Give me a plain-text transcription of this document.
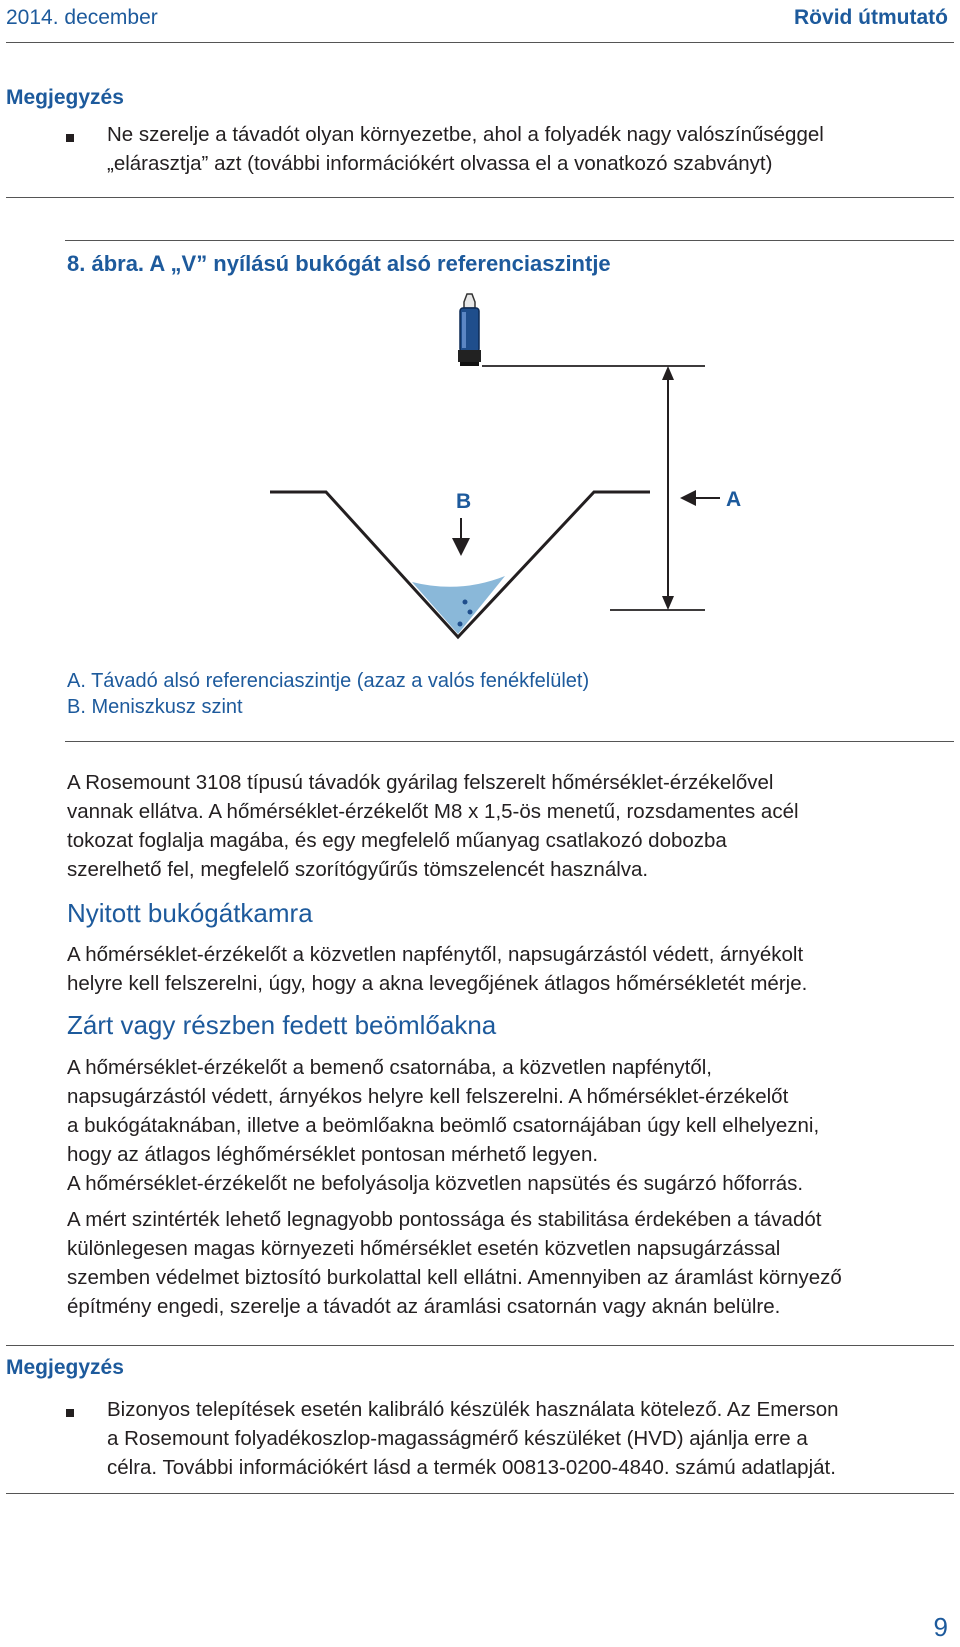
2014. december	Rövid útmutató
Megjegyzés
Ne szerelje a távadót olyan környezetbe, ahol a folyadék nagy valószínűséggel
„elárasztja” azt (további információkért olvassa el a vonatkozó szabványt)
8. ábra. A „V” nyílású bukógát alsó referenciaszintje
A
B
A. Távadó alsó referenciaszintje (azaz a valós fenékfelület)
B. Meniszkusz szint
A Rosemount 3108 típusú távadók gyárilag felszerelt hőmérséklet-érzékelővel
vannak ellátva. A hőmérséklet-érzékelőt M8 x 1,5-ös menetű, rozsdamentes acél
tokozat foglalja magába, és egy megfelelő műanyag csatlakozó dobozba
szerelhető fel, megfelelő szorítógyűrűs tömszelencét használva.
Nyitott bukógátkamra
A hőmérséklet-érzékelőt a közvetlen napfénytől, napsugárzástól védett, árnyékolt
helyre kell felszerelni, úgy, hogy a akna levegőjének átlagos hőmérsékletét mérje.
Zárt vagy részben fedett beömlőakna
A hőmérséklet-érzékelőt a bemenő csatornába, a közvetlen napfénytől,
napsugárzástól védett, árnyékos helyre kell felszerelni. A hőmérséklet-érzékelőt
a bukógátaknában, illetve a beömlőakna beömlő csatornájában úgy kell elhelyezni,
hogy az átlagos léghőmérséklet pontosan mérhető legyen.
A hőmérséklet-érzékelőt ne befolyásolja közvetlen napsütés és sugárzó hőforrás.
A mért szintérték lehető legnagyobb pontossága és stabilitása érdekében a távadót
különlegesen magas környezeti hőmérséklet esetén közvetlen napsugárzással
szemben védelmet biztosító burkolattal kell ellátni. Amennyiben az áramlást környező
építmény engedi, szerelje a távadót az áramlási csatornán vagy aknán belülre.
Megjegyzés
Bizonyos telepítések esetén kalibráló készülék használata kötelező. Az Emerson
a Rosemount folyadékoszlop-magasságmérő készüléket (HVD) ajánlja erre a
célra. További információkért lásd a termék 00813-0200-4840. számú adatlapját.
9
